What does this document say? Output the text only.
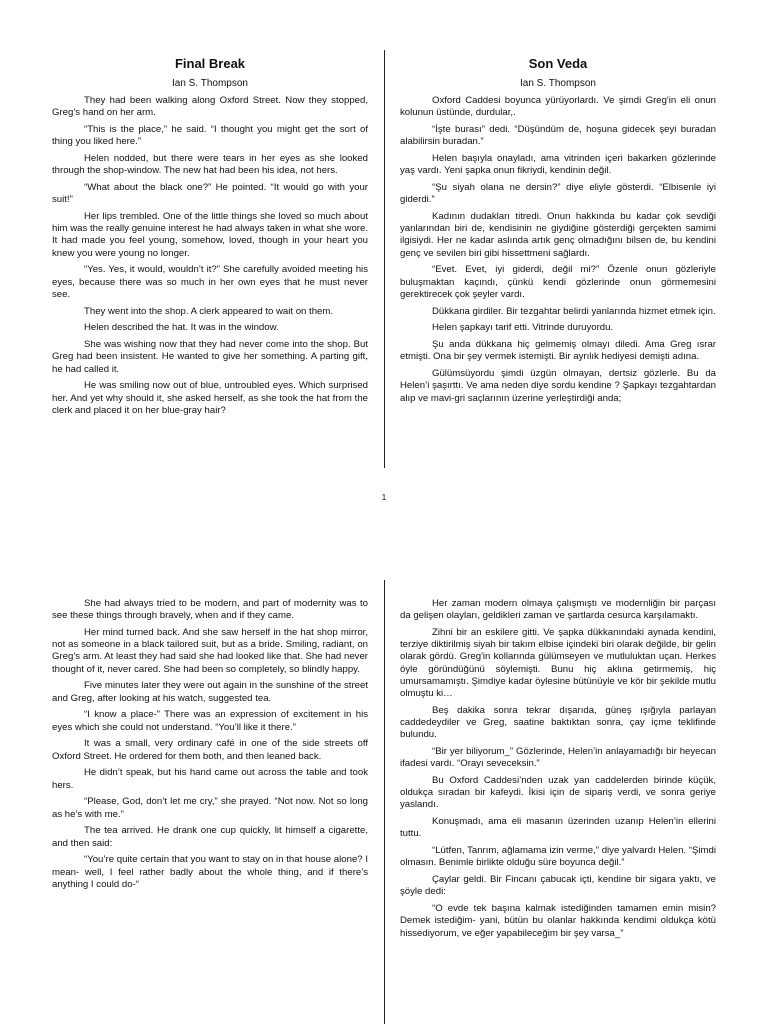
Final Break
Ian S. Thompson

They had been walking along Oxford Street. Now they stopped, Greg’s hand on her arm.

“This is the place,” he said. “I thought you might get the sort of thing you liked here.”

Helen nodded, but there were tears in her eyes as she looked through the shop-window. The new hat had been his idea, not hers.

“What about the black one?” He pointed. “It would go with your suit!”

Her lips trembled. One of the little things she loved so much about him was the really genuine interest he had always taken in what she wore. It had made you feel young, somehow, loved, though in your heart you knew you were young no longer.

“Yes. Yes, it would, wouldn’t it?” She carefully avoided meeting his eyes, because there was so much in her own eyes that he must never see.

They went into the shop. A clerk appeared to wait on them.

Helen described the hat. It was in the window.

She was wishing now that they had never come into the shop. But Greg had been insistent. He wanted to give her something. A parting gift, he had called it.

He was smiling now out of blue, untroubled eyes. Which surprised her. And yet why should it, she asked herself, as she took the hat from the clerk and placed it on her blue-gray hair?

Son Veda
Ian S. Thompson

Oxford Caddesi boyunca yürüyorlardı. Ve şimdi Greg'in eli onun kolunun üstünde, durdular,.

“İşte burası” dedi. “Düşündüm de, hoşuna gidecek şeyi buradan alabilirsin buradan.”

Helen başıyla onayladı, ama vitrinden içeri bakarken gözlerinde yaş vardı. Yeni şapka onun fikriydi, kendinin değil.

“Şu siyah olana ne dersin?” diye eliyle gösterdi. “Elbisenle iyi giderdi.”

Kadının dudakları titredi. Onun hakkında bu kadar çok sevdiği yanlarından biri de, kendisinin ne giydiğine gösterdiği gerçekten samimi ilgisiydi. Her ne kadar aslında artık genç olmadığını bilsen de, bu kendini genç ve sevilen biri gibi hissettmeni sağlardı.

“Evet. Evet, iyi giderdi, değil mi?” Özenle onun gözleriyle buluşmaktan kaçındı, çünkü kendi gözlerinde onun görmemesini gerektirecek çok şeyler vardı.

Dükkana girdiler. Bir tezgahtar belirdi yanlarında hizmet etmek için.

Helen şapkayı tarif etti. Vitrinde duruyordu.

Şu anda dükkana hiç gelmemiş olmayı diledi. Ama Greg ısrar etmişti. Ona bir şey vermek istemişti. Bir ayrılık hediyesi demişti adına.

Gülümsüyordu şimdi üzgün olmayan, dertsiz gözlerle. Bu da Helen’i şaşırttı. Ve ama neden diye sordu kendine ? Şapkayı tezgahtardan alıp ve mavi-gri saçlarının üzerine yerleştirdiği anda;

1

She had always tried to be modern, and part of modernity was to see these things through bravely, when and if they came.

Her mind turned back. And she saw herself in the hat shop mirror, not as someone in a black tailored suit, but as a bride. Smiling, radiant, on Greg’s arm. At least they had said she had looked like that. She had never thought of it, never cared. She had been so completely, so blindly happy.

Five minutes later they were out again in the sunshine of the street and Greg, after looking at his watch, suggested tea.

“I know a place-” There was an expression of excitement in his eyes which she could not understand. “You’ll like it there.”

It was a small, very ordinary café in one of the side streets off Oxford Street. He ordered for them both, and then leaned back.

He didn’t speak, but his hand came out across the table and took hers.

“Please, God, don’t let me cry,” she prayed. “Not now. Not so long as he’s with me.”

The tea arrived. He drank one cup quickly, lit himself a cigarette, and then said:

“You’re quite certain that you want to stay on in that house alone? I mean- well, I feel rather badly about the whole thing, and if there’s anything I could do-“

Her zaman modern olmaya çalışmıştı ve modernliğin bir parçası da gelişen olayları, geldikleri zaman ve şartlarda cesurca karşılamaktı.

Zihni bir an eskilere gitti. Ve şapka dükkanındaki aynada kendini, terziye diktirilmiş siyah bir takım elbise içindeki biri olarak değilde, bir gelin olarak gördü. Greg'in kollarında gülümseyen ve mutluluktan uçan. Herkes öyle göründüğünü söylemişti. Bunu hiç aklına getirmemiş, hiç umursamamıştı. Şimdiye kadar öylesine bütünüyle ve kör bir şekilde mutlu olmuştu ki…

Beş dakika sonra tekrar dışarıda, güneş ışığıyla parlayan caddedeydiler ve Greg, saatine baktıktan sonra, çay içme teklifinde bulundu.

“Bir yer biliyorum_” Gözlerinde, Helen’in anlayamadığı bir heyecan ifadesi vardı. “Orayı seveceksin.”

Bu Oxford Caddesi’nden uzak yan caddelerden birinde küçük, oldukça sıradan bir kafeydi. İkisi için de sipariş verdi, ve sonra geriye yaslandı.

Konuşmadı, ama eli masanın üzerinden uzanıp Helen’in ellerini tuttu.

“Lütfen, Tanrım, ağlamama izin verme,” diye yalvardı Helen. “Şimdi olmasın. Benimle birlikte olduğu süre boyunca değil.”

Çaylar geldi. Bir Fincanı çabucak içti, kendine bir sigara yaktı, ve şöyle dedi:

“O evde tek başına kalmak istediğinden tamamen emin misin? Demek istediğim- yani, bütün bu olanlar hakkında kendimi oldukça kötü hissediyorum, ve eğer yapabileceğim bir şey varsa_”
